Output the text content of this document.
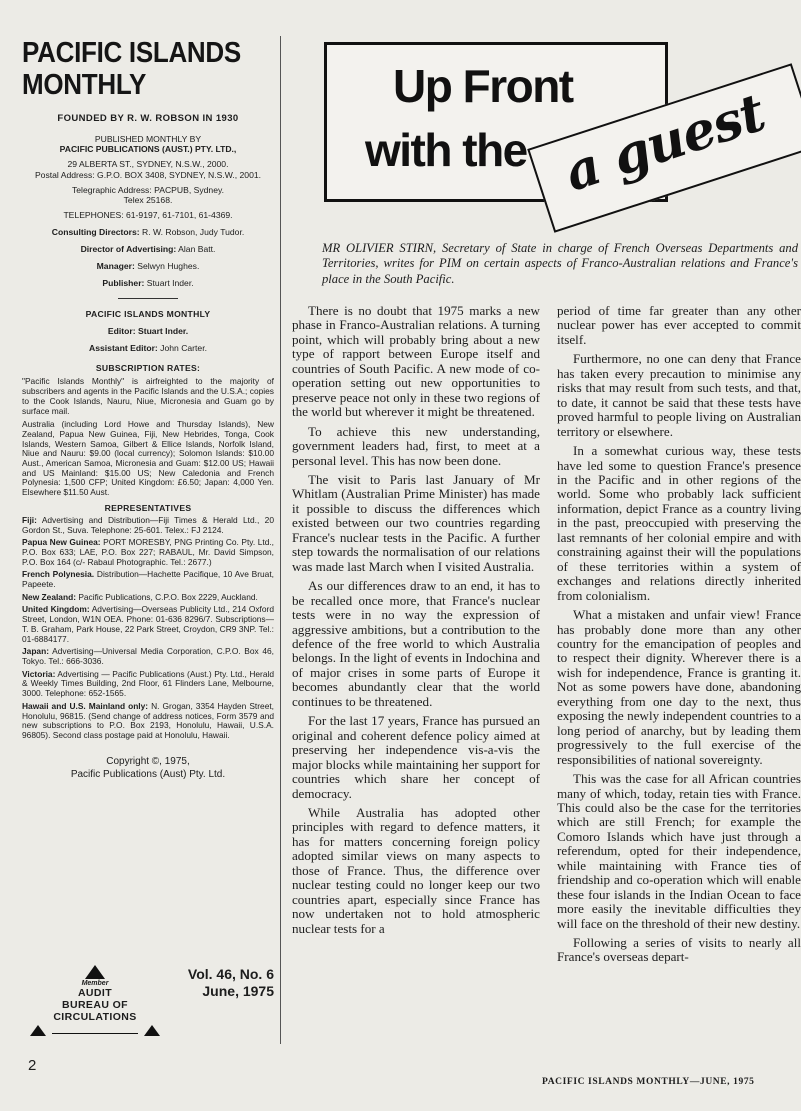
PACIFIC ISLANDS
MONTHLY
FOUNDED BY R. W. ROBSON IN 1930
PUBLISHED MONTHLY BY
PACIFIC PUBLICATIONS (AUST.) PTY. LTD.,
29 ALBERTA ST., SYDNEY, N.S.W., 2000.
Postal Address: G.P.O. BOX 3408, SYDNEY, N.S.W., 2001.
Telegraphic Address: PACPUB, Sydney.
Telex 25168.
TELEPHONES: 61-9197, 61-7101, 61-4369.
Consulting Directors: R. W. Robson, Judy Tudor.
Director of Advertising: Alan Batt.
Manager: Selwyn Hughes.
Publisher: Stuart Inder.
PACIFIC ISLANDS MONTHLY
Editor: Stuart Inder.
Assistant Editor: John Carter.
SUBSCRIPTION RATES:
"Pacific Islands Monthly" is airfreighted to the majority of subscribers and agents in the Pacific Islands and the U.S.A.; copies to the Cook Islands, Nauru, Niue, Micronesia and Guam go by surface mail.
Australia (including Lord Howe and Thursday Islands), New Zealand, Papua New Guinea, Fiji, New Hebrides, Tonga, Cook Islands, Western Samoa, Gilbert & Ellice Islands, Norfolk Island, Niue and Nauru: $9.00 (local currency); Solomon Islands: $10.00 Aust., American Samoa, Micronesia and Guam: $12.00 US; Hawaii and US Mainland: $15.00 US; New Caledonia and French Polynesia: 1,500 CFP; United Kingdom: £6.50; Japan: 4,000 Yen. Elsewhere $11.50 Aust.
REPRESENTATIVES
Fiji: Advertising and Distribution—Fiji Times & Herald Ltd., 20 Gordon St., Suva. Telephone: 25-601. Telex.: FJ 2124.
Papua New Guinea: PORT MORESBY, PNG Printing Co. Pty. Ltd., P.O. Box 633; LAE, P.O. Box 227; RABAUL, Mr. David Simpson, P.O. Box 164 (c/- Rabaul Photographic. Tel.: 2677.)
French Polynesia. Distribution—Hachette Pacifique, 10 Ave Bruat, Papeete.
New Zealand: Pacific Publications, C.P.O. Box 2229, Auckland.
United Kingdom: Advertising—Overseas Publicity Ltd., 214 Oxford Street, London, W1N OEA. Phone: 01-636 8296/7. Subscriptions—T. B. Graham, Park House, 22 Park Street, Croydon, CR9 3NP. Tel.: 01-6884177.
Japan: Advertising—Universal Media Corporation, C.P.O. Box 46, Tokyo. Tel.: 666-3036.
Victoria: Advertising — Pacific Publications (Aust.) Pty. Ltd., Herald & Weekly Times Building, 2nd Floor, 61 Flinders Lane, Melbourne, 3000. Telephone: 652-1565.
Hawaii and U.S. Mainland only: N. Grogan, 3354 Hayden Street, Honolulu, 96815. (Send change of address notices, Form 3579 and new subscriptions to P.O. Box 2193, Honolulu, Hawaii, U.S.A. 96805). Second class postage paid at Honolulu, Hawaii.
Copyright ©, 1975,
Pacific Publications (Aust) Pty. Ltd.
Member
AUDIT
BUREAU OF
CIRCULATIONS
Vol. 46, No. 6
June, 1975
2
PACIFIC ISLANDS MONTHLY—JUNE, 1975
Up Front
with the a guest
MR OLIVIER STIRN, Secretary of State in charge of French Overseas Departments and Territories, writes for PIM on certain aspects of Franco-Australian relations and France's place in the South Pacific.

There is no doubt that 1975 marks a new phase in Franco-Australian relations. A turning point, which will probably bring about a new type of rapport between Europe itself and countries of South Pacific. A new mode of co-operation setting out new opportunities to preserve peace not only in these two regions of the world but wherever it might be threatened.

To achieve this new understanding, government leaders had, first, to meet at a personal level. This has now been done.

The visit to Paris last January of Mr Whitlam (Australian Prime Minister) has made it possible to discuss the differences which existed between our two countries regarding France's nuclear tests in the Pacific. A further step towards the normalisation of our relations was made last March when I visited Australia.

As our differences draw to an end, it has to be recalled once more, that France's nuclear tests were in no way the expression of aggressive ambitions, but a contribution to the defence of the free world to which Australia belongs. In the light of events in Indochina and of major crises in some parts of Europe it becomes abundantly clear that the world continues to be threatened.

For the last 17 years, France has pursued an original and coherent defence policy aimed at preserving her independence vis-a-vis the major blocks while maintaining her support for countries which share her concept of democracy.

While Australia has adopted other principles with regard to defence matters, it has for matters concerning foreign policy adopted similar views on many aspects to those of France. Thus, the difference over nuclear testing could no longer keep our two countries apart, especially since France has now undertaken not to hold atmospheric nuclear tests for a

period of time far greater than any other nuclear power has ever accepted to commit itself.

Furthermore, no one can deny that France has taken every precaution to minimise any risks that may result from such tests, and that, to date, it cannot be said that these tests have proved harmful to people living on Australian territory or elsewhere.

In a somewhat curious way, these tests have led some to question France's presence in the Pacific and in other regions of the world. Some who probably lack sufficient information, depict France as a country living in the past, preoccupied with preserving the last remnants of her colonial empire and with constraining against their will the populations of these territories within a system of exchanges and relations directly inherited from colonialism.

What a mistaken and unfair view! France has probably done more than any other country for the emancipation of peoples and to respect their dignity. Wherever there is a wish for independence, France is granting it. Not as some powers have done, abandoning everything from one day to the next, thus exposing the newly independent countries to a long period of anarchy, but by leading them progressively to the full exercise of the responsibilities of national sovereignty.

This was the case for all African countries many of which, today, retain ties with France. This could also be the case for the territories which are still French; for example the Comoro Islands which have just through a referendum, opted for their independence, while maintaining with France ties of friendship and co-operation which will enable these four islands in the Indian Ocean to face more easily the inevitable difficulties they will face on the threshold of their new destiny.

Following a series of visits to nearly all France's overseas depart-
